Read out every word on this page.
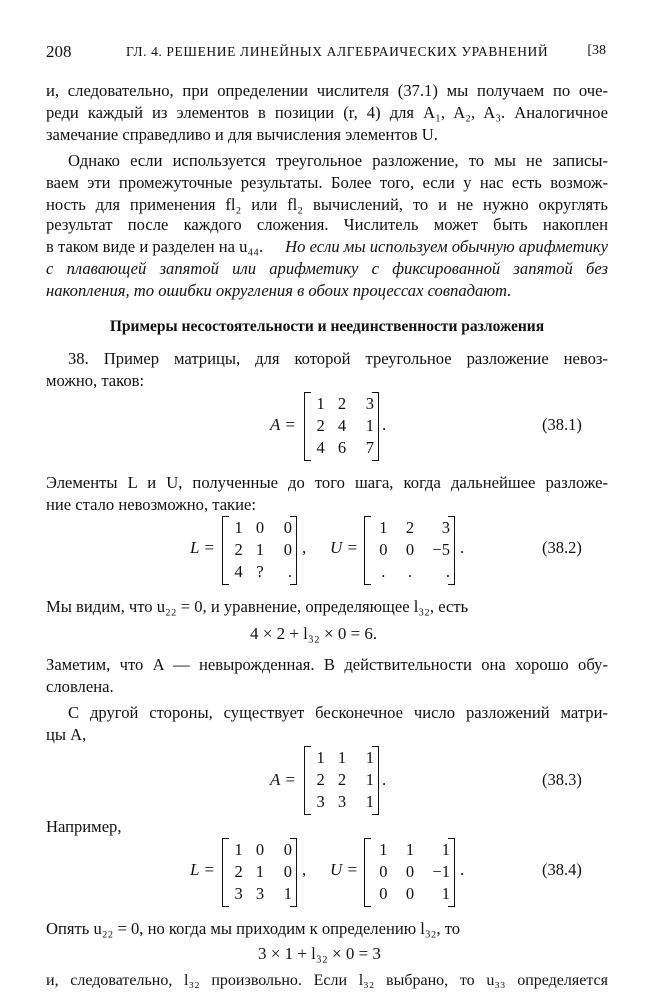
208	ГЛ. 4. РЕШЕНИЕ ЛИНЕЙНЫХ АЛГЕБРАИЧЕСКИХ УРАВНЕНИЙ	[38
и, следовательно, при определении числителя (37.1) мы получаем по оче-
реди каждый из элементов в позиции (r, 4) для A₁, A₂, A₃. Аналогичное
замечание справедливо и для вычисления элементов U.
Однако если используется треугольное разложение, то мы не записы-
ваем эти промежуточные результаты. Более того, если у нас есть возмож-
ность для применения fl₂ или fl₂ вычислений, то и не нужно округлять
результат после каждого сложения. Числитель может быть накоплен
в таком виде и разделен на u₄₄. Но если мы используем обычную арифметику
с плавающей запятой или арифметику с фиксированной запятой без
накопления, то ошибки округления в обоих процессах совпадают.
Примеры несостоятельности и неединственности разложения
38. Пример матрицы, для которой треугольное разложение невоз-
можно, таков:
A =
1 2	3
2 4	1
4 6	7
.	(38.1)
Элементы L и U, полученные до того шага, когда дальнейшее разложе-
ние стало невозможно, такие:
L =
1 0	0
2 1	0
4 ?	.
, U =
1	2	3
0	0	−5
.	.	.
.	(38.2)
Мы видим, что u₂₂ = 0, и уравнение, определяющее l₃₂, есть
4 × 2 + l₃₂ × 0 = 6.
Заметим, что A — невырожденная. В действительности она хорошо обу-
словлена.
С другой стороны, существует бесконечное число разложений матри-
цы A,
A =
1 1	1
2 2	1
3 3	1
.	(38.3)
Например,
L =
1 0	0
2 1	0
3 3	1
, U =
1	1	1
0	0	−1
0	0	1
.	(38.4)
Опять u₂₂ = 0, но когда мы приходим к определению l₃₂, то
3 × 1 + l₃₂ × 0 = 3
и, следовательно, l₃₂ произвольно. Если l₃₂ выбрано, то u₃₃ определяется
